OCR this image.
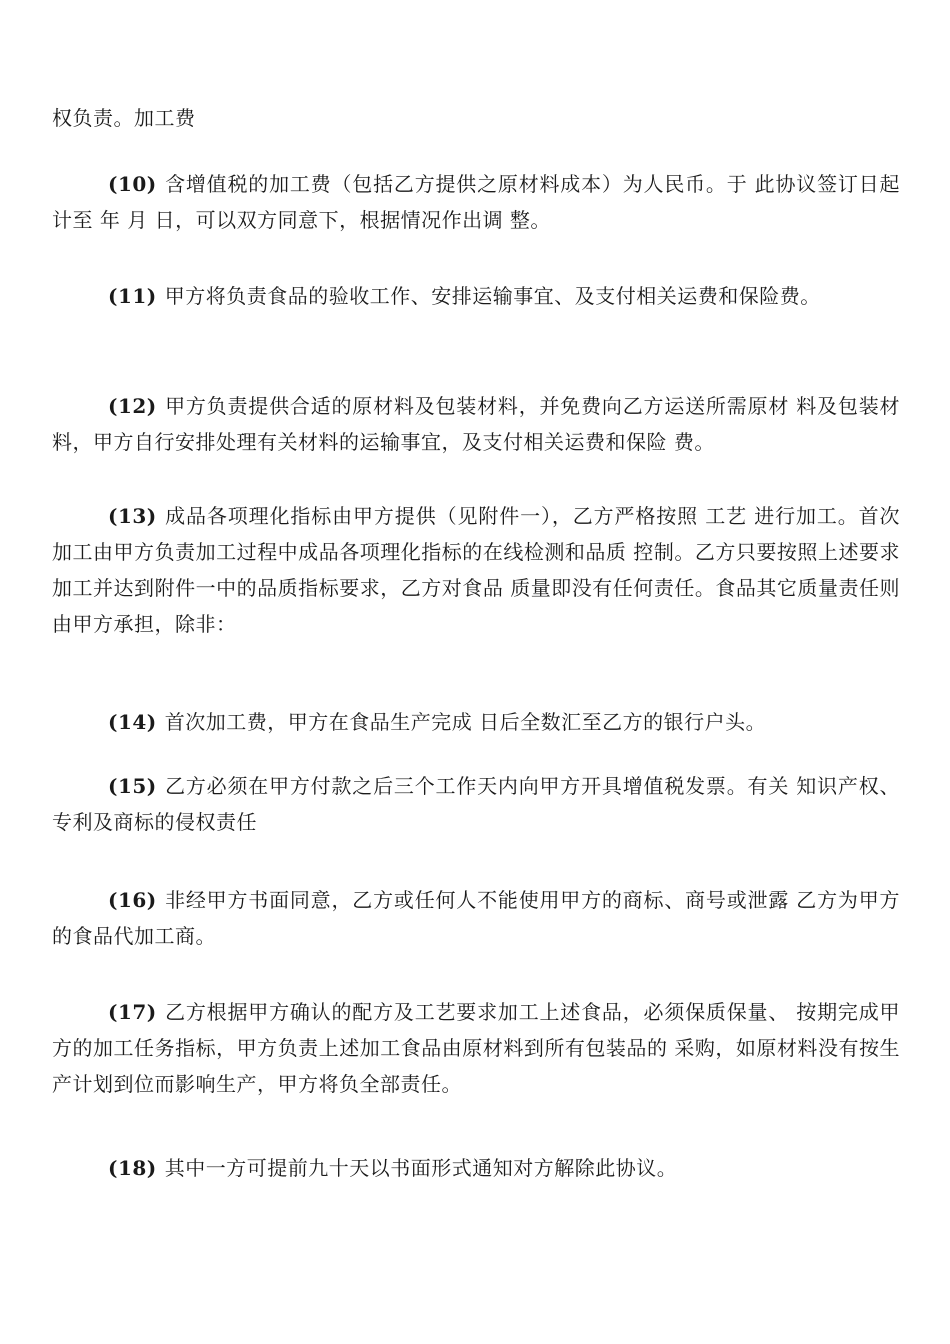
权负责。加工费

(10) 含增值税的加工费（包括乙方提供之原材料成本）为人民币。于 此协议签订日起计至 年 月 日，可以双方同意下，根据情况作出调 整。

(11) 甲方将负责食品的验收工作、安排运输事宜、及支付相关运费和保险费。

(12) 甲方负责提供合适的原材料及包装材料，并免费向乙方运送所需原材 料及包装材料，甲方自行安排处理有关材料的运输事宜，及支付相关运费和保险 费。

(13) 成品各项理化指标由甲方提供（见附件一），乙方严格按照 工艺 进行加工。首次加工由甲方负责加工过程中成品各项理化指标的在线检测和品质 控制。乙方只要按照上述要求加工并达到附件一中的品质指标要求，乙方对食品 质量即没有任何责任。食品其它质量责任则由甲方承担，除非：

(14) 首次加工费，甲方在食品生产完成 日后全数汇至乙方的银行户头。

(15) 乙方必须在甲方付款之后三个工作天内向甲方开具增值税发票。有关 知识产权、专利及商标的侵权责任

(16) 非经甲方书面同意，乙方或任何人不能使用甲方的商标、商号或泄露 乙方为甲方的食品代加工商。

(17) 乙方根据甲方确认的配方及工艺要求加工上述食品，必须保质保量、 按期完成甲方的加工任务指标，甲方负责上述加工食品由原材料到所有包装品的 采购，如原材料没有按生产计划到位而影响生产，甲方将负全部责任。

(18) 其中一方可提前九十天以书面形式通知对方解除此协议。
